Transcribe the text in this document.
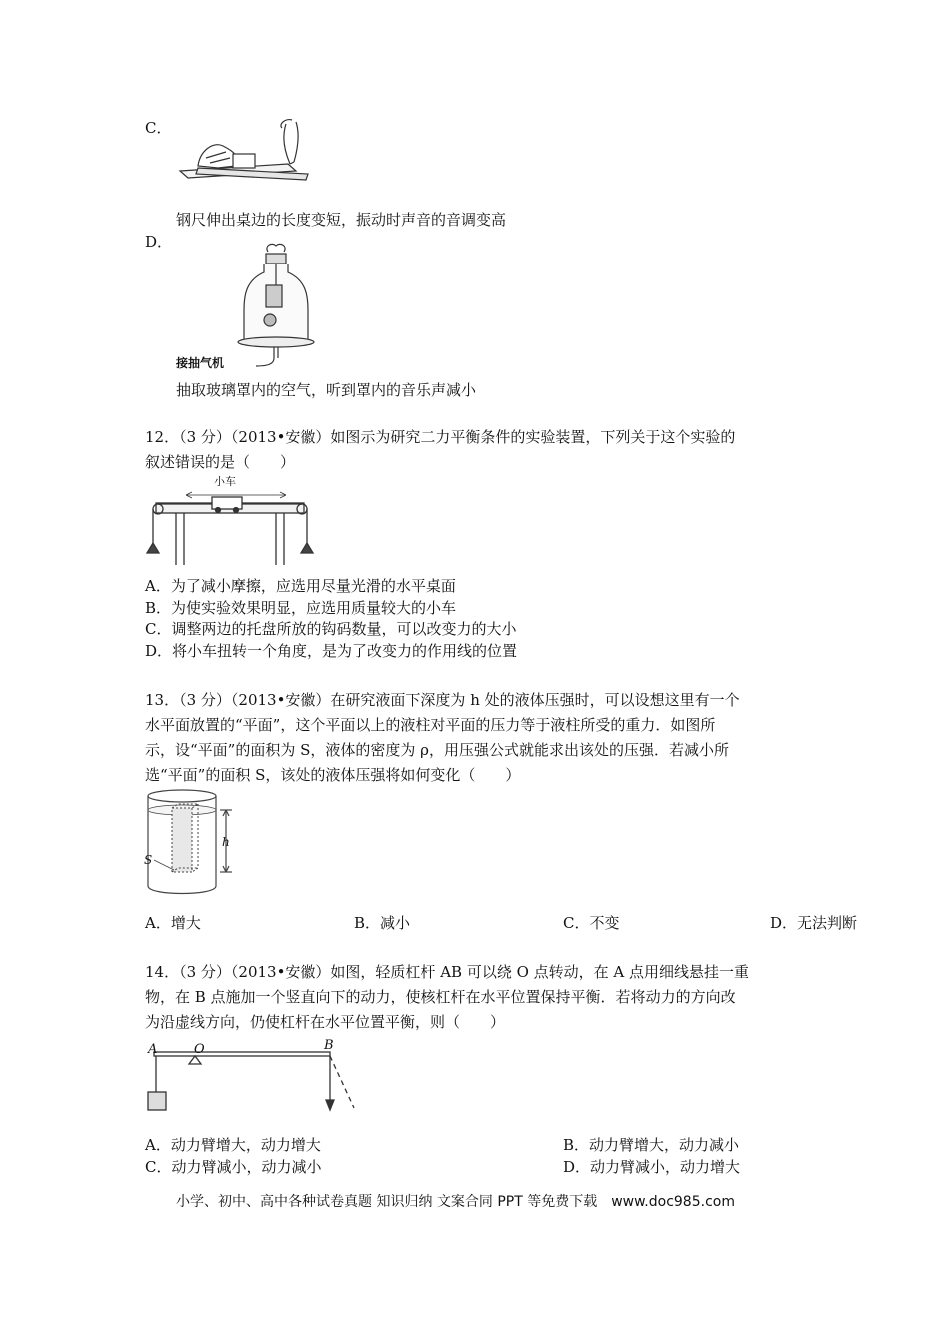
C．
钢尺伸出桌边的长度变短，振动时声音的音调变高
D．
接抽气机
抽取玻璃罩内的空气，听到罩内的音乐声减小
12．（3 分）（2013•安徽）如图示为研究二力平衡条件的实验装置，下列关于这个实验的
叙述错误的是（　　）
小车
A．为了减小摩擦，应选用尽量光滑的水平桌面
B．为使实验效果明显，应选用质量较大的小车
C．调整两边的托盘所放的钩码数量，可以改变力的大小
D．将小车扭转一个角度，是为了改变力的作用线的位置
13．（3 分）（2013•安徽）在研究液面下深度为 h 处的液体压强时，可以设想这里有一个
水平面放置的“平面”，这个平面以上的液柱对平面的压力等于液柱所受的重力．如图所
示，设“平面”的面积为 S，液体的密度为 ρ，用压强公式就能求出该处的压强．若减小所
选“平面”的面积 S，该处的液体压强将如何变化（　　）
h
S
A．增大	B．减小	C．不变	D．无法判断
14．（3 分）（2013•安徽）如图，轻质杠杆 AB 可以绕 O 点转动，在 A 点用细线悬挂一重
物，在 B 点施加一个竖直向下的动力，使核杠杆在水平位置保持平衡．若将动力的方向改
为沿虚线方向，仍使杠杆在水平位置平衡，则（　　）
A	O	B
A．动力臂增大，动力增大	B．动力臂增大，动力减小
C．动力臂减小，动力减小	D．动力臂减小，动力增大
小学、初中、高中各种试卷真题 知识归纳 文案合同 PPT 等免费下载　www.doc985.com
